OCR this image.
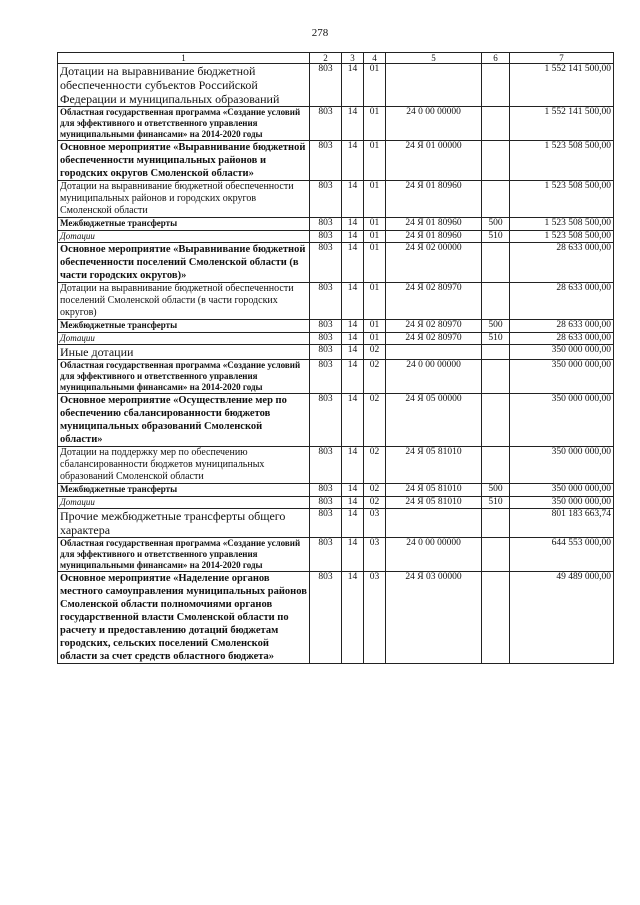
278
1	2	3	4	5	6	7
Дотации на выравнивание бюджетной обеспеченности субъектов Российской Федерации и муниципальных образований	803	14	01			1 552 141 500,00
Областная государственная программа «Создание условий для эффективного и ответственного управления муниципальными финансами» на 2014-2020 годы	803	14	01	24 0 00 00000		1 552 141 500,00
Основное мероприятие «Выравнивание бюджетной обеспеченности муниципальных районов и городских округов Смоленской области»	803	14	01	24 Я 01 00000		1 523 508 500,00
Дотации на выравнивание бюджетной обеспеченности муниципальных районов и городских округов Смоленской области	803	14	01	24 Я 01 80960		1 523 508 500,00
Межбюджетные трансферты	803	14	01	24 Я 01 80960	500	1 523 508 500,00
Дотации	803	14	01	24 Я 01 80960	510	1 523 508 500,00
Основное мероприятие «Выравнивание бюджетной обеспеченности поселений Смоленской области (в части городских округов)»	803	14	01	24 Я 02 00000		28 633 000,00
Дотации на выравнивание бюджетной обеспеченности поселений Смоленской области (в части городских округов)	803	14	01	24 Я 02 80970		28 633 000,00
Межбюджетные трансферты	803	14	01	24 Я 02 80970	500	28 633 000,00
Дотации	803	14	01	24 Я 02 80970	510	28 633 000,00
Иные дотации	803	14	02			350 000 000,00
Областная государственная программа «Создание условий для эффективного и ответственного управления муниципальными финансами» на 2014-2020 годы	803	14	02	24 0 00 00000		350 000 000,00
Основное мероприятие «Осуществление мер по обеспечению сбалансированности бюджетов муниципальных образований Смоленской области»	803	14	02	24 Я 05 00000		350 000 000,00
Дотации на поддержку мер по обеспечению сбалансированности бюджетов муниципальных образований Смоленской области	803	14	02	24 Я 05 81010		350 000 000,00
Межбюджетные трансферты	803	14	02	24 Я 05 81010	500	350 000 000,00
Дотации	803	14	02	24 Я 05 81010	510	350 000 000,00
Прочие межбюджетные трансферты общего характера	803	14	03			801 183 663,74
Областная государственная программа «Создание условий для эффективного и ответственного управления муниципальными финансами» на 2014-2020 годы	803	14	03	24 0 00 00000		644 553 000,00
Основное мероприятие «Наделение органов местного самоуправления муниципальных районов Смоленской области полномочиями органов государственной власти Смоленской области по расчету и предоставлению дотаций бюджетам городских, сельских поселений Смоленской области за счет средств областного бюджета»	803	14	03	24 Я 03 00000		49 489 000,00
